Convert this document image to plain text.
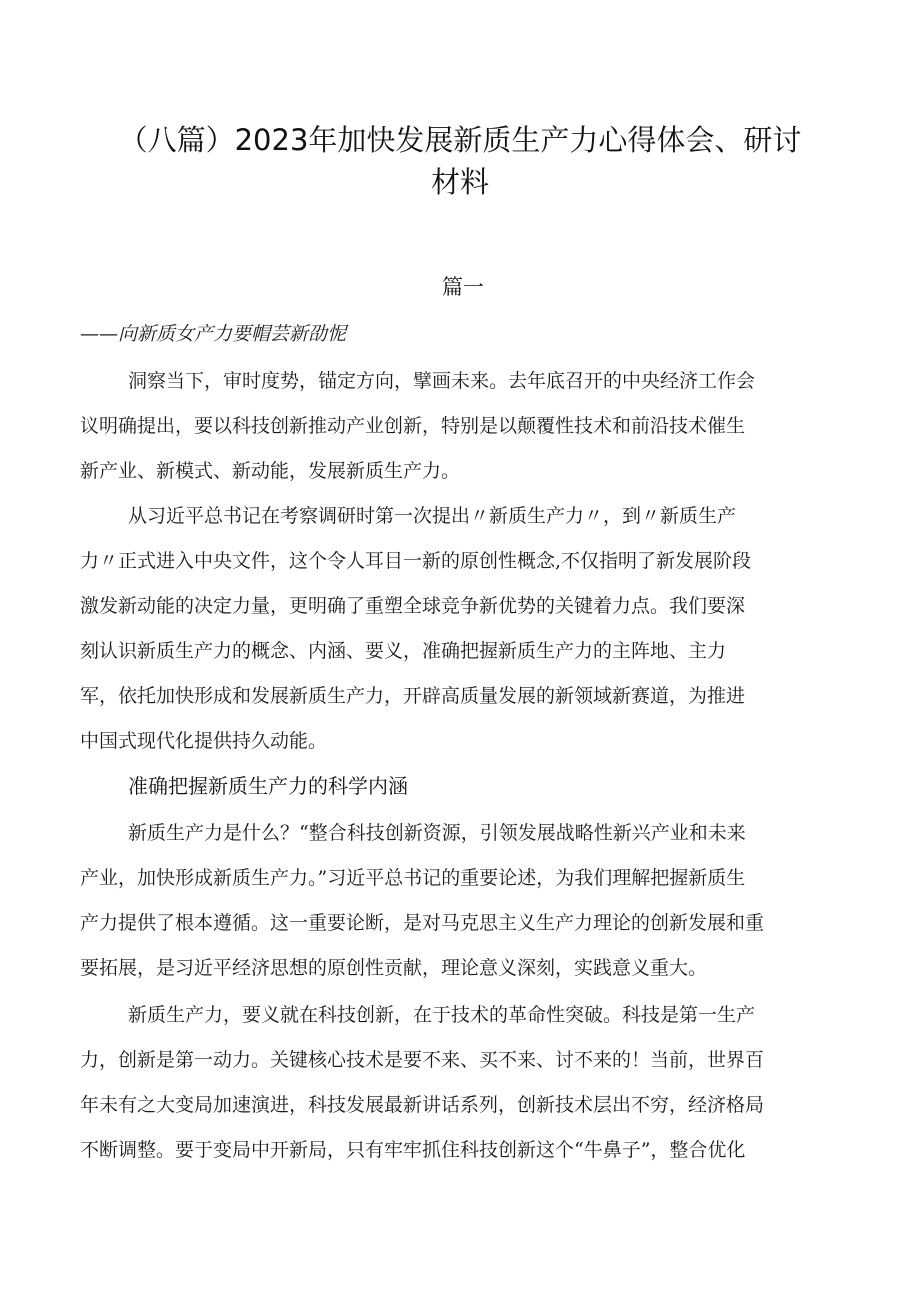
（八篇）2023年加快发展新质生产力心得体会、研讨
材料
篇一
——向新质女产力要帽芸新劭怩
洞察当下，审时度势，锚定方向，擘画未来。去年底召开的中央经济工作会
议明确提出，要以科技创新推动产业创新，特别是以颠覆性技术和前沿技术催生
新产业、新模式、新动能，发展新质生产力。
从习近平总书记在考察调研时第一次提出〃新质生产力〃，到〃新质生产
力〃正式进入中央文件，这个令人耳目一新的原创性概念,不仅指明了新发展阶段
激发新动能的决定力量，更明确了重塑全球竞争新优势的关键着力点。我们要深
刻认识新质生产力的概念、内涵、要义，准确把握新质生产力的主阵地、主力
军，依托加快形成和发展新质生产力，开辟高质量发展的新领域新赛道，为推进
中国式现代化提供持久动能。
准确把握新质生产力的科学内涵
新质生产力是什么？“整合科技创新资源，引领发展战略性新兴产业和未来
产业，加快形成新质生产力。”习近平总书记的重要论述，为我们理解把握新质生
产力提供了根本遵循。这一重要论断，是对马克思主义生产力理论的创新发展和重
要拓展，是习近平经济思想的原创性贡献，理论意义深刻，实践意义重大。
新质生产力，要义就在科技创新，在于技术的革命性突破。科技是第一生产
力，创新是第一动力。关键核心技术是要不来、买不来、讨不来的！当前，世界百
年未有之大变局加速演进，科技发展最新讲话系列，创新技术层出不穷，经济格局
不断调整。要于变局中开新局，只有牢牢抓住科技创新这个“牛鼻子”，整合优化
